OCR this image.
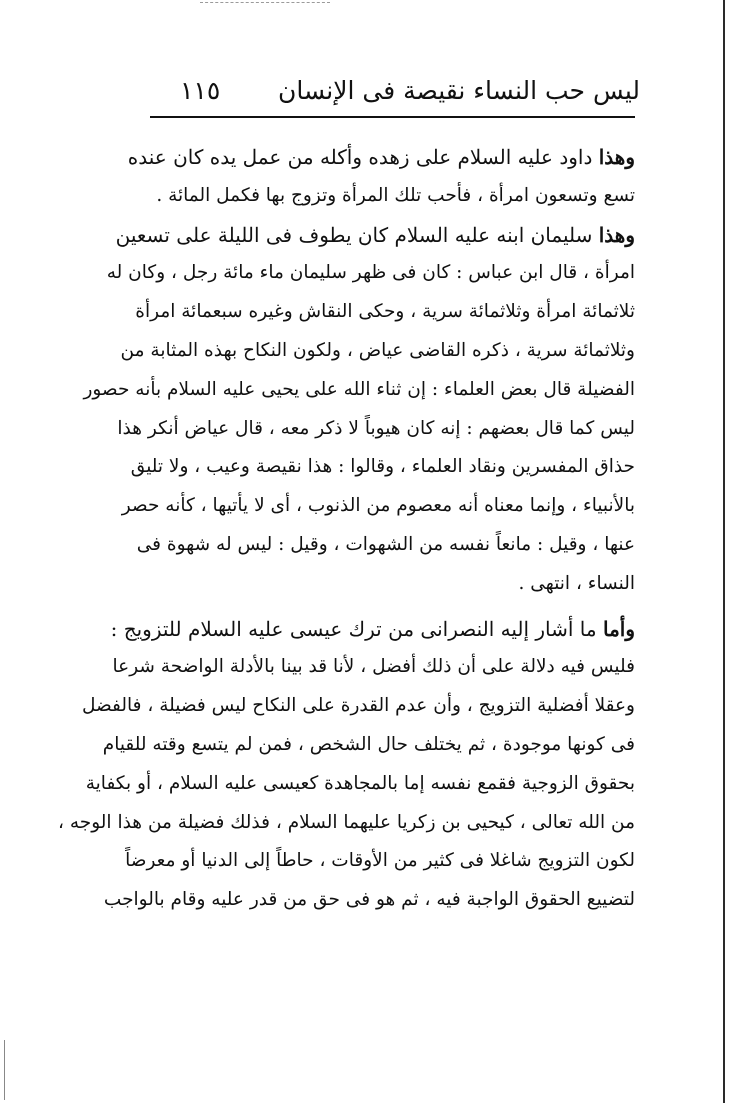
ليس حب النساء نقيصة فى الإنسان
١١٥
وهذا داود عليه السلام على زهده وأكله من عمل يده كان عنده
تسع وتسعون امرأة ، فأحب تلك المرأة وتزوج بها فكمل المائة .
وهذا سليمان ابنه عليه السلام كان يطوف فى الليلة على تسعين
امرأة ، قال ابن عباس : كان فى ظهر سليمان ماء مائة رجل ، وكان له
ثلاثمائة امرأة وثلاثمائة سرية ، وحكى النقاش وغيره سبعمائة امرأة
وثلاثمائة سرية ، ذكره القاضى عياض ، ولكون النكاح بهذه المثابة من
الفضيلة قال بعض العلماء : إن ثناء الله على يحيى عليه السلام بأنه حصور
ليس كما قال بعضهم : إنه كان هيوباً لا ذكر معه ، قال عياض أنكر هذا
حذاق المفسرين ونقاد العلماء ، وقالوا : هذا نقيصة وعيب ، ولا تليق
بالأنبياء ، وإنما معناه أنه معصوم من الذنوب ، أى لا يأتيها ، كأنه حصر
عنها ، وقيل : مانعاً نفسه من الشهوات ، وقيل : ليس له شهوة فى
النساء ، انتهى .
وأما ما أشار إليه النصرانى من ترك عيسى عليه السلام للتزويج :
فليس فيه دلالة على أن ذلك أفضل ، لأنا قد بينا بالأدلة الواضحة شرعا
وعقلا أفضلية التزويج ، وأن عدم القدرة على النكاح ليس فضيلة ، فالفضل
فى كونها موجودة ، ثم يختلف حال الشخص ، فمن لم يتسع وقته للقيام
بحقوق الزوجية فقمع نفسه إما بالمجاهدة كعيسى عليه السلام ، أو بكفاية
من الله تعالى ، كيحيى بن زكريا عليهما السلام ، فذلك فضيلة من هذا الوجه ،
لكون التزويج شاغلا فى كثير من الأوقات ، حاطاً إلى الدنيا أو معرضاً
لتضييع الحقوق الواجبة فيه ، ثم هو فى حق من قدر عليه وقام بالواجب
